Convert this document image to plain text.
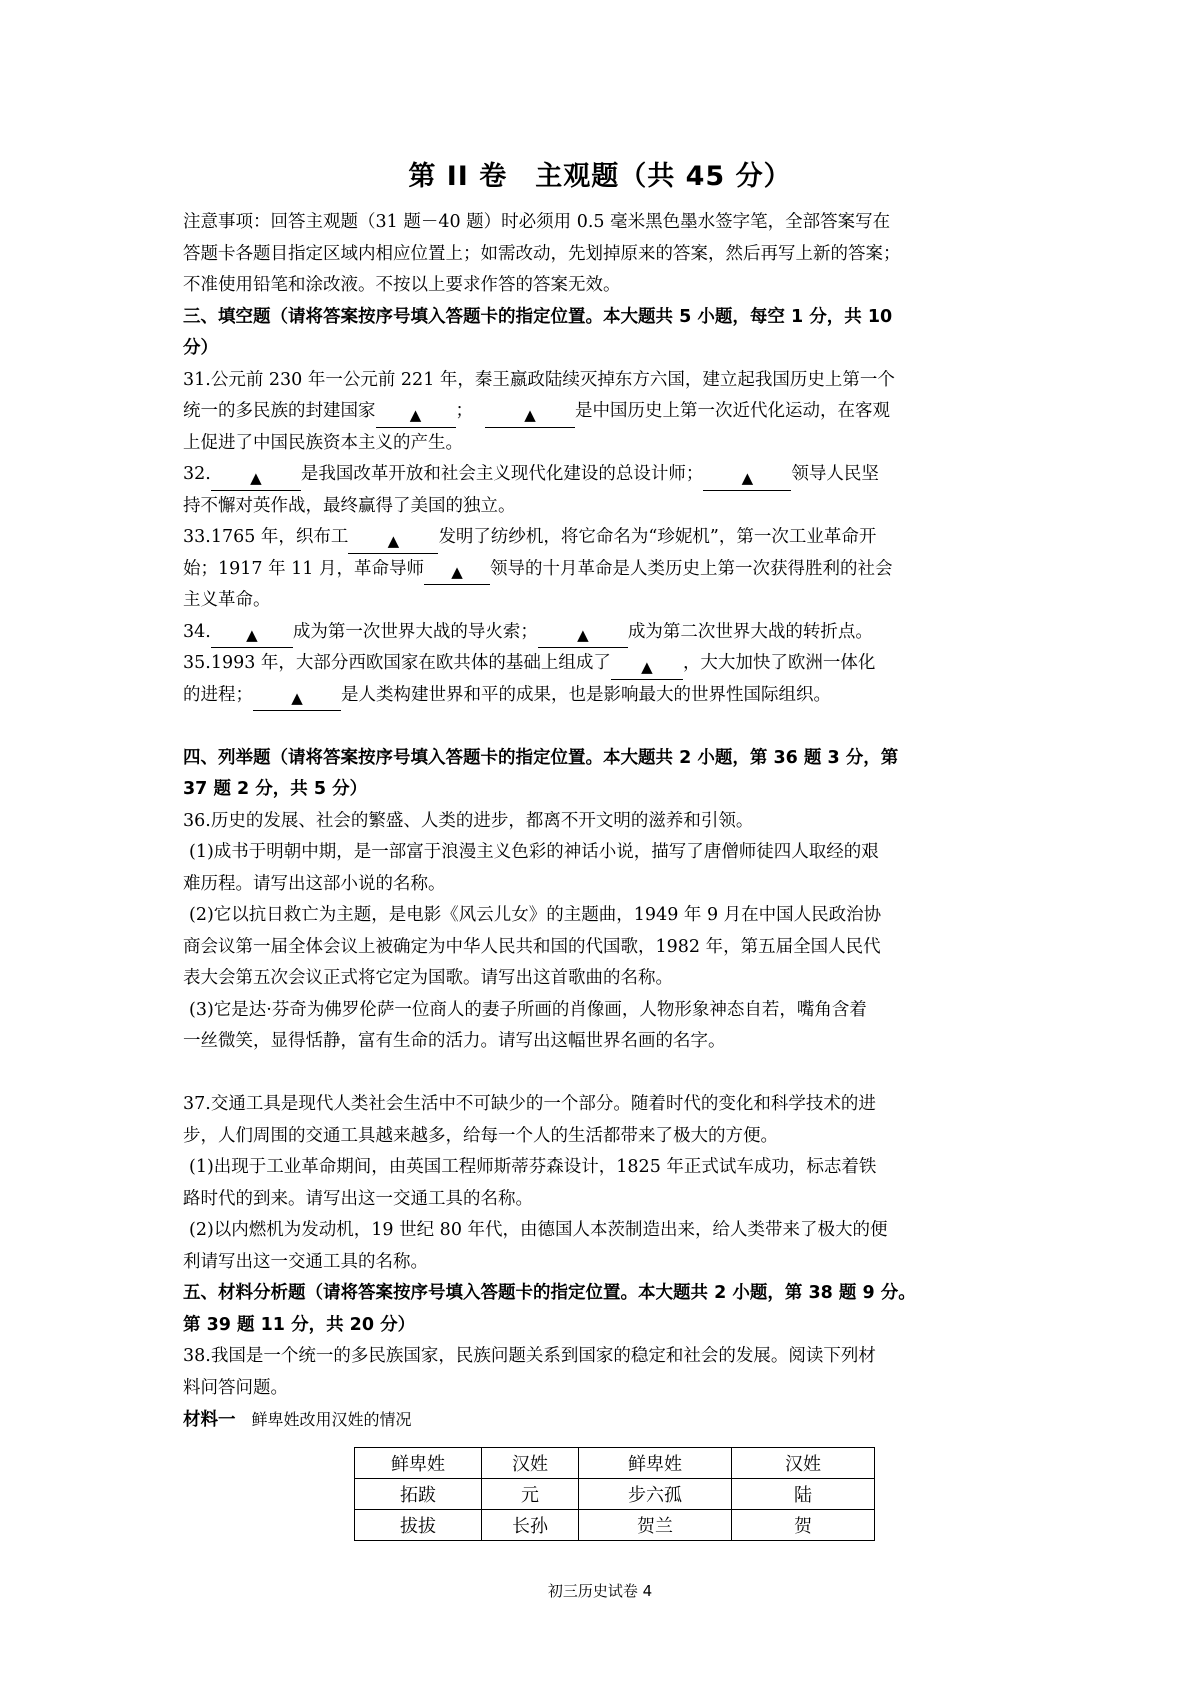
第 II 卷　主观题（共 45 分）
注意事项：回答主观题（31 题－40 题）时必须用 0.5 毫米黑色墨水签字笔，全部答案写在
答题卡各题目指定区域内相应位置上；如需改动，先划掉原来的答案，然后再写上新的答案；
不准使用铅笔和涂改液。不按以上要求作答的答案无效。
三、填空题（请将答案按序号填入答题卡的指定位置。本大题共 5 小题，每空 1 分，共 10
分）
31.公元前 230 年一公元前 221 年，秦王嬴政陆续灭掉东方六国，建立起我国历史上第一个
统一的多民族的封建国家 ▲ ；	▲ 是中国历史上第一次近代化运动，在客观
上促进了中国民族资本主义的产生。
32.	▲ 是我国改革开放和社会主义现代化建设的总设计师；	▲ 领导人民坚
持不懈对英作战，最终赢得了美国的独立。
33.1765 年，织布工	▲ 发明了纺纱机，将它命名为“珍妮机”，第一次工业革命开
始；1917 年 11 月，革命导师 ▲ 领导的十月革命是人类历史上第一次获得胜利的社会
主义革命。
34. ▲ 成为第一次世界大战的导火索；	▲ 成为第二次世界大战的转折点。
35.1993 年，大部分西欧国家在欧共体的基础上组成了 ▲ ，大大加快了欧洲一体化
的进程；	▲ 是人类构建世界和平的成果，也是影响最大的世界性国际组织。
四、列举题（请将答案按序号填入答题卡的指定位置。本大题共 2 小题，第 36 题 3 分，第
37 题 2 分，共 5 分）
36.历史的发展、社会的繁盛、人类的进步，都离不开文明的滋养和引领。
(1)成书于明朝中期，是一部富于浪漫主义色彩的神话小说，描写了唐僧师徒四人取经的艰
难历程。请写出这部小说的名称。
(2)它以抗日救亡为主题，是电影《风云儿女》的主题曲，1949 年 9 月在中国人民政治协
商会议第一届全体会议上被确定为中华人民共和国的代国歌，1982 年，第五届全国人民代
表大会第五次会议正式将它定为国歌。请写出这首歌曲的名称。
(3)它是达·芬奇为佛罗伦萨一位商人的妻子所画的肖像画，人物形象神态自若，嘴角含着
一丝微笑，显得恬静，富有生命的活力。请写出这幅世界名画的名字。
37.交通工具是现代人类社会生活中不可缺少的一个部分。随着时代的变化和科学技术的进
步，人们周围的交通工具越来越多，给每一个人的生活都带来了极大的方便。
(1)出现于工业革命期间，由英国工程师斯蒂芬森设计，1825 年正式试车成功，标志着铁
路时代的到来。请写出这一交通工具的名称。
(2)以内燃机为发动机，19 世纪 80 年代，由德国人本茨制造出来，给人类带来了极大的便
利请写出这一交通工具的名称。
五、材料分析题（请将答案按序号填入答题卡的指定位置。本大题共 2 小题，第 38 题 9 分。
第 39 题 11 分，共 20 分）
38.我国是一个统一的多民族国家，民族问题关系到国家的稳定和社会的发展。阅读下列材
料问答问题。
材料一 鲜卑姓改用汉姓的情况
鲜卑姓	汉姓	鲜卑姓	汉姓
拓跋	元	步六孤	陆
拔拔	长孙	贺兰	贺
初三历史试卷 4
